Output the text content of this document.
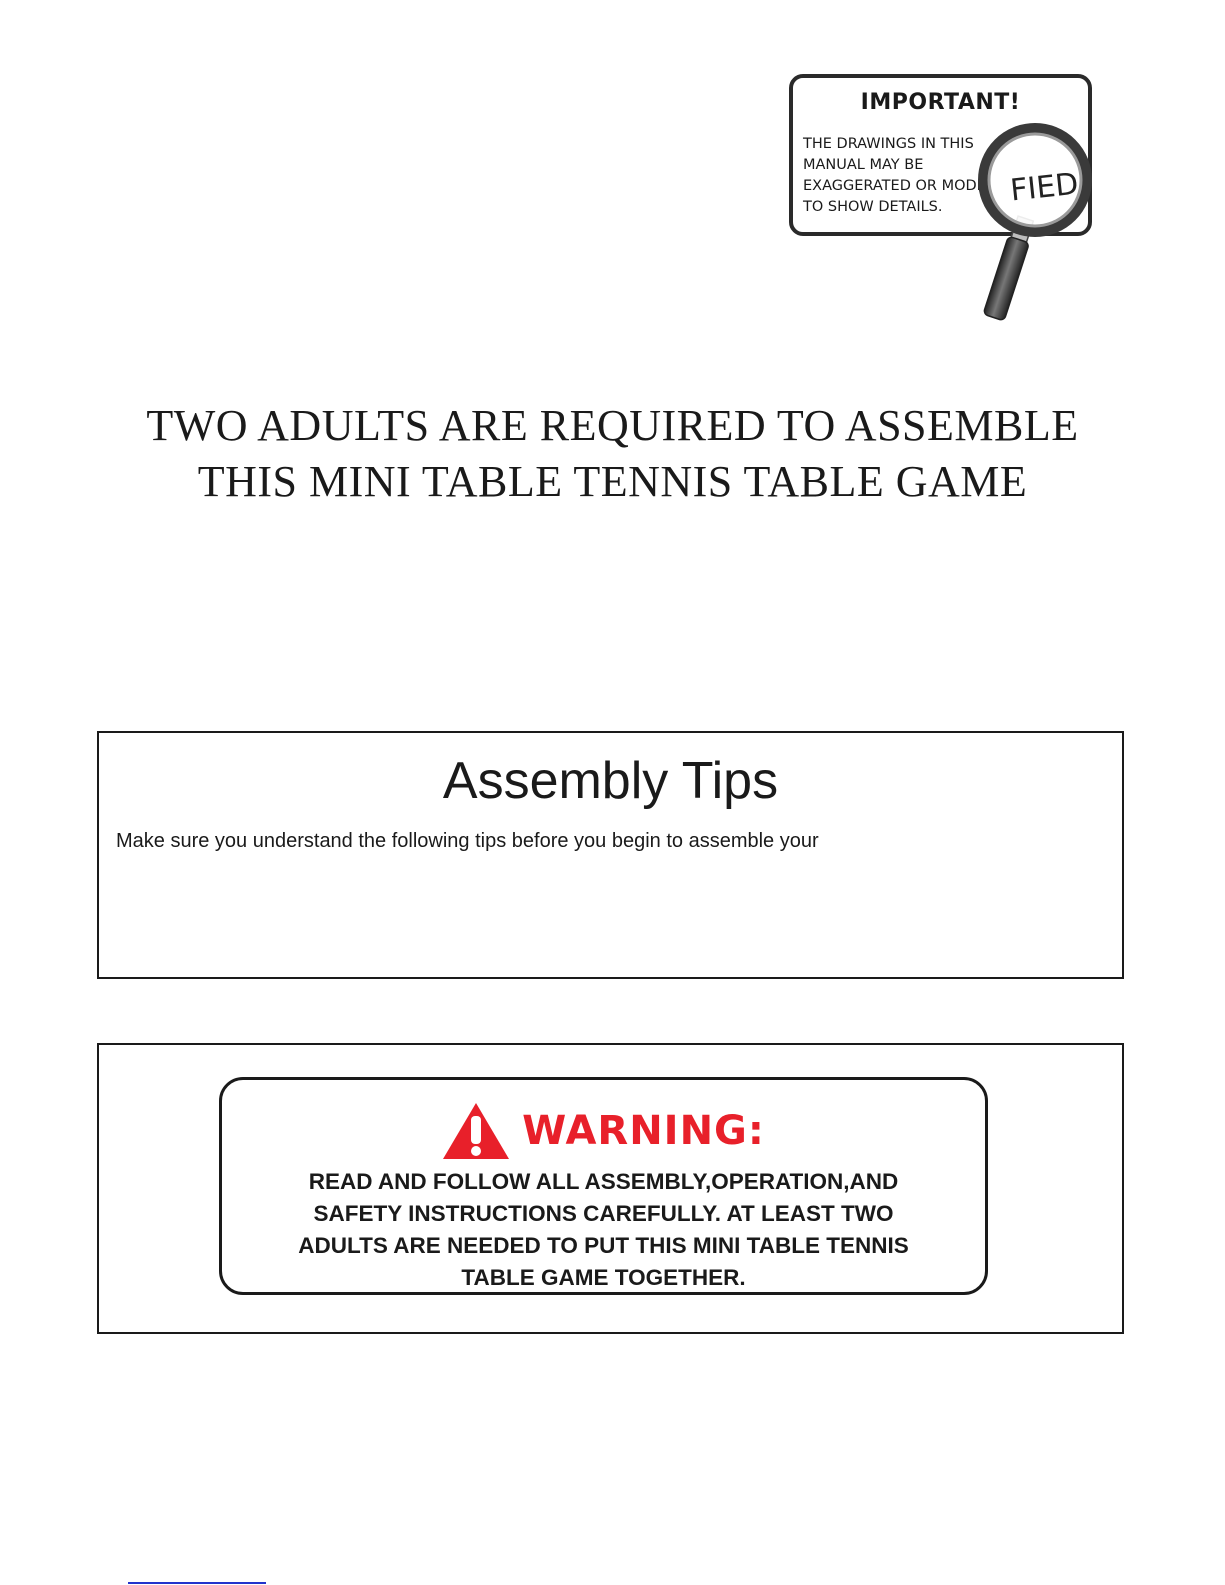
IMPORTANT!
THE DRAWINGS IN THIS
MANUAL MAY BE
EXAGGERATED OR MODI
TO SHOW DETAILS.	FIED
TWO ADULTS ARE REQUIRED TO ASSEMBLE
THIS MINI TABLE TENNIS TABLE GAME
Assembly Tips
Make sure you understand the following tips before you begin to assemble your
WARNING:
READ AND FOLLOW ALL ASSEMBLY,OPERATION,AND
SAFETY INSTRUCTIONS CAREFULLY. AT LEAST TWO
ADULTS ARE NEEDED TO PUT THIS MINI TABLE TENNIS
TABLE GAME TOGETHER.
